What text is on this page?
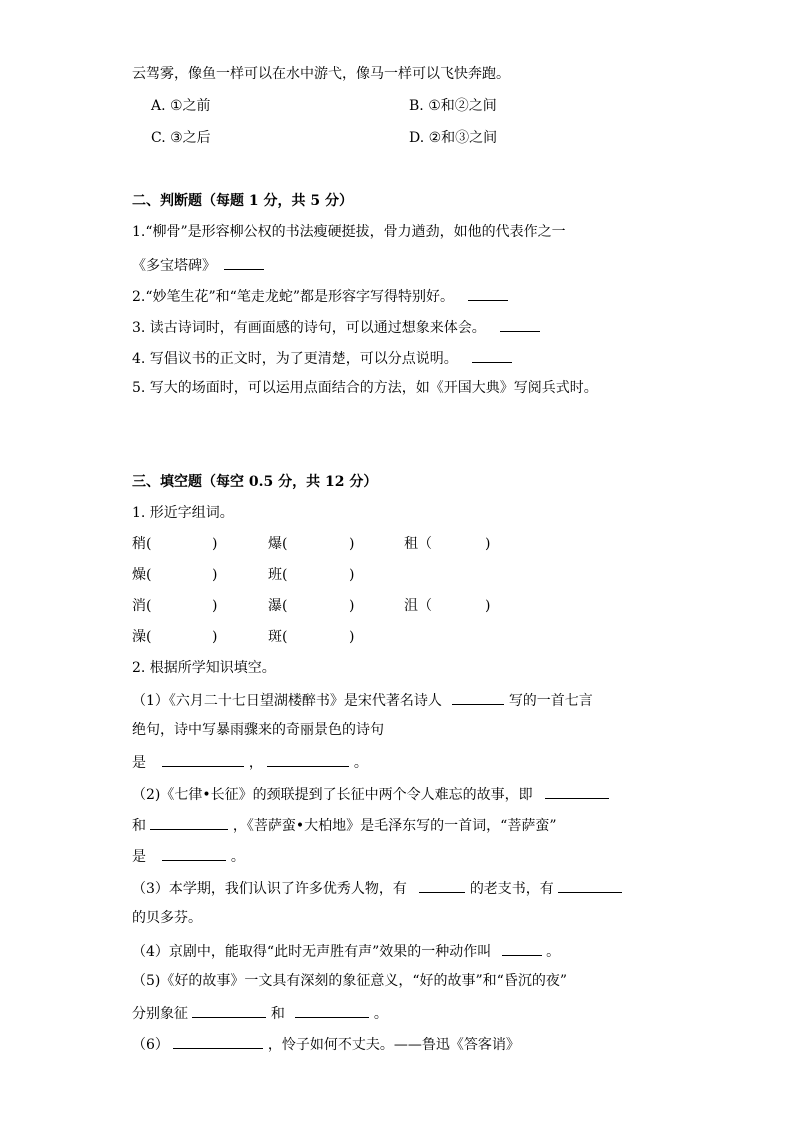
云驾雾，像鱼一样可以在水中游弋，像马一样可以飞快奔跑。
A. ①之前	B. ①和②之间
C. ③之后	D. ②和③之间
二、判断题（每题 1 分，共 5 分）
1.“柳骨”是形容柳公权的书法瘦硬挺拔，骨力遒劲，如他的代表作之一
《多宝塔碑》
2.“妙笔生花”和“笔走龙蛇”都是形容字写得特别好。
3. 读古诗词时，有画面感的诗句，可以通过想象来体会。
4. 写倡议书的正文时，为了更清楚，可以分点说明。
5. 写大的场面时，可以运用点面结合的方法，如《开国大典》写阅兵式时。
三、填空题（每空 0.5 分，共 12 分）
1. 形近字组词。
稍(	)	爆(	)	租（	)
燥(	)	班(	)
消(	)	瀑(	)	沮（	)
澡(	)	斑(	)
2. 根据所学知识填空。
（1）《六月二十七日望湖楼醉书》是宋代著名诗人	写的一首七言
绝句，诗中写暴雨骤来的奇丽景色的诗句
是	，	。
（2)《七律•长征》的颈联提到了长征中两个令人难忘的故事，即
和	，《菩萨蛮•大柏地》是毛泽东写的一首词，“菩萨蛮”
是	。
（3）本学期，我们认识了许多优秀人物，有	的老支书，有
的贝多芬。
（4）京剧中，能取得“此时无声胜有声”效果的一种动作叫	。
（5)《好的故事》一文具有深刻的象征意义，“好的故事”和“昏沉的夜”
分别象征	和	。
（6）	，怜子如何不丈夫。——鲁迅《答客诮》
